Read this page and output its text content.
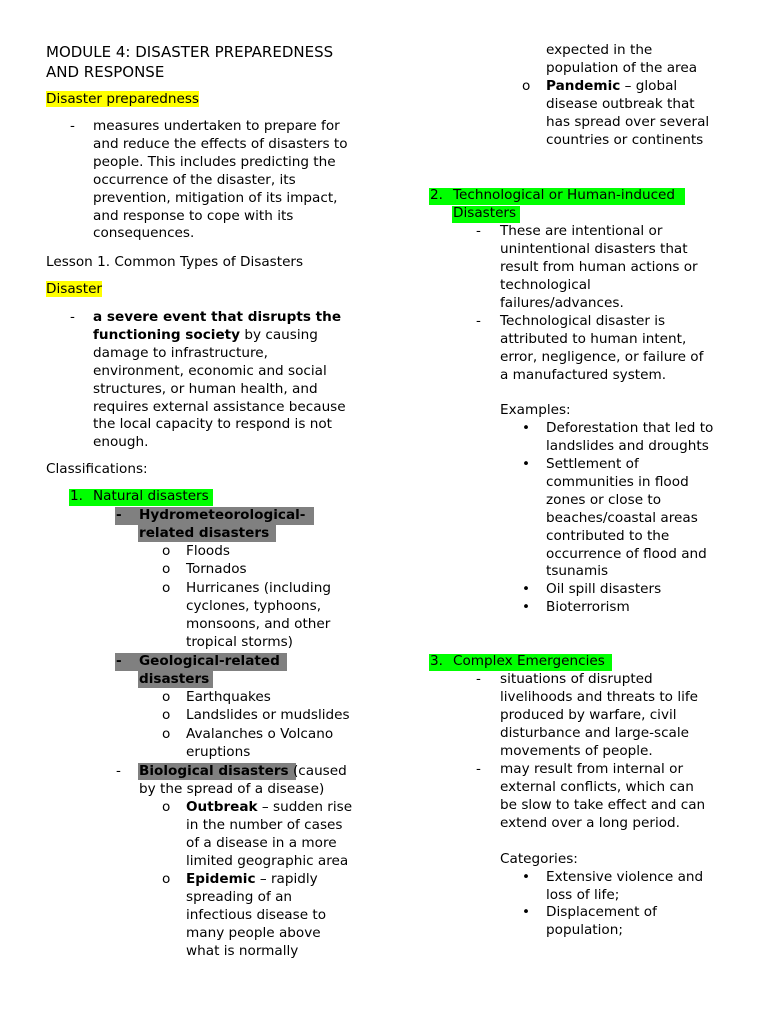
MODULE 4: DISASTER PREPAREDNESS
AND RESPONSE
Disaster preparedness
- measures undertaken to prepare for
and reduce the effects of disasters to
people. This includes predicting the
occurrence of the disaster, its
prevention, mitigation of its impact,
and response to cope with its
consequences.
Lesson 1. Common Types of Disasters
Disaster
- a severe event that disrupts the
functioning society by causing
damage to infrastructure,
environment, economic and social
structures, or human health, and
requires external assistance because
the local capacity to respond is not
enough.
Classifications:
1. Natural disasters
- Hydrometeorological-
related disasters
o Floods
o Tornados
o Hurricanes (including
cyclones, typhoons,
monsoons, and other
tropical storms)
- Geological-related
disasters
o Earthquakes
o Landslides or mudslides
o Avalanches o Volcano
eruptions
- Biological disasters (caused
by the spread of a disease)
o Outbreak – sudden rise
in the number of cases
of a disease in a more
limited geographic area
o Epidemic – rapidly
spreading of an
infectious disease to
many people above
what is normally
expected in the
population of the area
o Pandemic – global
disease outbreak that
has spread over several
countries or continents
2. Technological or Human-induced
Disasters
- These are intentional or
unintentional disasters that
result from human actions or
technological
failures/advances.
- Technological disaster is
attributed to human intent,
error, negligence, or failure of
a manufactured system.
Examples:
• Deforestation that led to
landslides and droughts
• Settlement of
communities in flood
zones or close to
beaches/coastal areas
contributed to the
occurrence of flood and
tsunamis
• Oil spill disasters
• Bioterrorism
3. Complex Emergencies
- situations of disrupted
livelihoods and threats to life
produced by warfare, civil
disturbance and large-scale
movements of people.
- may result from internal or
external conflicts, which can
be slow to take effect and can
extend over a long period.
Categories:
• Extensive violence and
loss of life;
• Displacement of
population;
